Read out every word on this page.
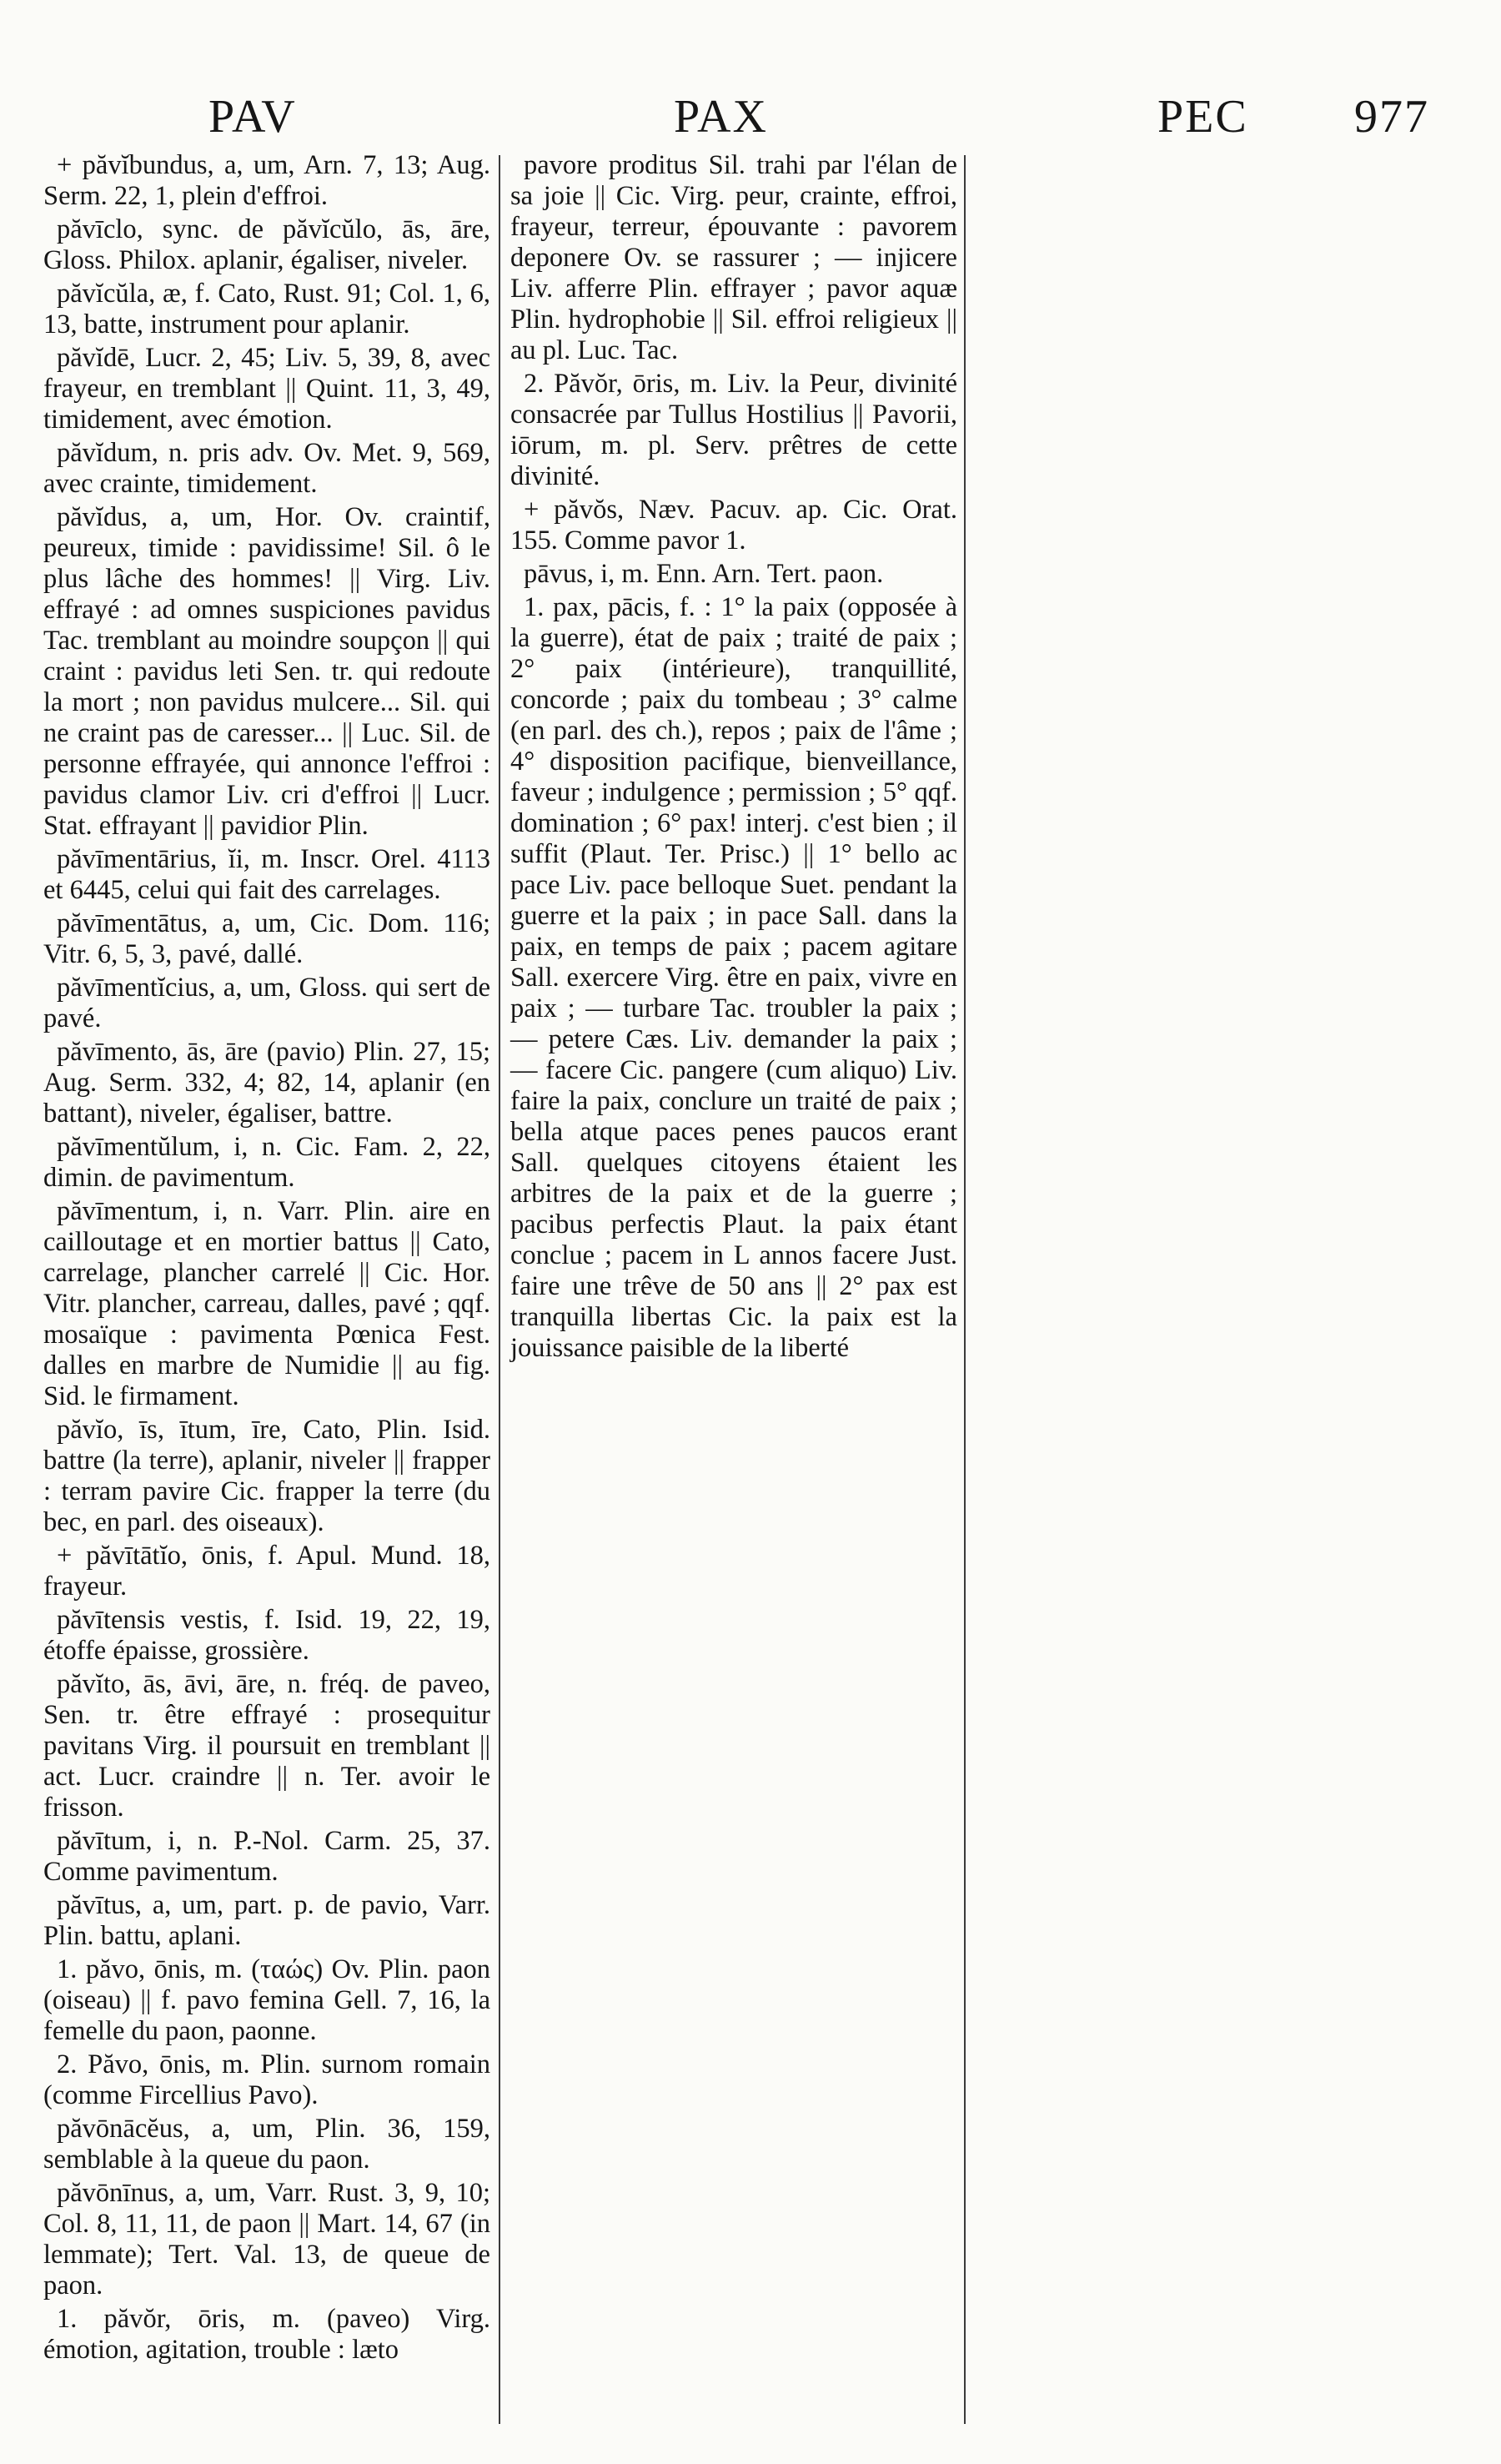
PAV	PAX	PEC 977

+ păvĭbundus, a, um, Arn. 7, 13; Aug. Serm. 22, 1, plein d'effroi.

păvīclo, sync. de păvĭcŭlo, ās, āre, Gloss. Philox. aplanir, égaliser, niveler.

păvĭcŭla, æ, f. Cato, Rust. 91; Col. 1, 6, 13, batte, instrument pour aplanir.

păvĭdē, Lucr. 2, 45; Liv. 5, 39, 8, avec frayeur, en tremblant || Quint. 11, 3, 49, timidement, avec émotion.

păvĭdum, n. pris adv. Ov. Met. 9, 569, avec crainte, timidement.

păvĭdus, a, um, Hor. Ov. craintif, peureux, timide : pavidissime! Sil. ô le plus lâche des hommes! || Virg. Liv. effrayé : ad omnes suspiciones pavidus Tac. tremblant au moindre soupçon || qui craint : pavidus leti Sen. tr. qui redoute la mort ; non pavidus mulcere... Sil. qui ne craint pas de caresser... || Luc. Sil. de personne effrayée, qui annonce l'effroi : pavidus clamor Liv. cri d'effroi || Lucr. Stat. effrayant || pavidior Plin.

păvīmentārius, ĭi, m. Inscr. Orel. 4113 et 6445, celui qui fait des carrelages.

păvīmentātus, a, um, Cic. Dom. 116; Vitr. 6, 5, 3, pavé, dallé.

păvīmentĭcius, a, um, Gloss. qui sert de pavé.

păvīmento, ās, āre (pavio) Plin. 27, 15; Aug. Serm. 332, 4; 82, 14, aplanir (en battant), niveler, égaliser, battre.

păvīmentŭlum, i, n. Cic. Fam. 2, 22, dimin. de pavimentum.

păvīmentum, i, n. Varr. Plin. aire en cailloutage et en mortier battus || Cato, carrelage, plancher carrelé || Cic. Hor. Vitr. plancher, carreau, dalles, pavé ; qqf. mosaïque : pavimenta Pœnica Fest. dalles en marbre de Numidie || au fig. Sid. le firmament.

păvĭo, īs, ītum, īre, Cato, Plin. Isid. battre (la terre), aplanir, niveler || frapper : terram pavire Cic. frapper la terre (du bec, en parl. des oiseaux).

+ păvītātĭo, ōnis, f. Apul. Mund. 18, frayeur.

păvītensis vestis, f. Isid. 19, 22, 19, étoffe épaisse, grossière.

păvĭto, ās, āvi, āre, n. fréq. de paveo, Sen. tr. être effrayé : prosequitur pavitans Virg. il poursuit en tremblant || act. Lucr. craindre || n. Ter. avoir le frisson.

păvītum, i, n. P.-Nol. Carm. 25, 37. Comme pavimentum.

păvītus, a, um, part. p. de pavio, Varr. Plin. battu, aplani.

1. păvo, ōnis, m. (ταώς) Ov. Plin. paon (oiseau) || f. pavo femina Gell. 7, 16, la femelle du paon, paonne.

2. Păvo, ōnis, m. Plin. surnom romain (comme Fircellius Pavo).

păvōnācĕus, a, um, Plin. 36, 159, semblable à la queue du paon.

păvōnīnus, a, um, Varr. Rust. 3, 9, 10; Col. 8, 11, 11, de paon || Mart. 14, 67 (in lemmate); Tert. Val. 13, de queue de paon.

1. păvŏr, ōris, m. (paveo) Virg. émotion, agitation, trouble : læto

pavore proditus Sil. trahi par l'élan de sa joie || Cic. Virg. peur, crainte, effroi, frayeur, terreur, épouvante : pavorem deponere Ov. se rassurer ; — injicere Liv. afferre Plin. effrayer ; pavor aquæ Plin. hydrophobie || Sil. effroi religieux || au pl. Luc. Tac.

2. Păvŏr, ōris, m. Liv. la Peur, divinité consacrée par Tullus Hostilius || Pavorii, iōrum, m. pl. Serv. prêtres de cette divinité.

+ păvŏs, Næv. Pacuv. ap. Cic. Orat. 155. Comme pavor 1.

pāvus, i, m. Enn. Arn. Tert. paon.

1. pax, pācis, f. : 1° la paix (opposée à la guerre), état de paix ; traité de paix ; 2° paix (intérieure), tranquillité, concorde ; paix du tombeau ; 3° calme (en parl. des ch.), repos ; paix de l'âme ; 4° disposition pacifique, bienveillance, faveur ; indulgence ; permission ; 5° qqf. domination ; 6° pax! interj. c'est bien ; il suffit (Plaut. Ter. Prisc.) || 1° bello ac pace Liv. pace belloque Suet. pendant la guerre et la paix ; in pace Sall. dans la paix, en temps de paix ; pacem agitare Sall. exercere Virg. être en paix, vivre en paix ; — turbare Tac. troubler la paix ; — petere Cæs. Liv. demander la paix ; — facere Cic. pangere (cum aliquo) Liv. faire la paix, conclure un traité de paix ; bella atque paces penes paucos erant Sall. quelques citoyens étaient les arbitres de la paix et de la guerre ; pacibus perfectis Plaut. la paix étant conclue ; pacem in L annos facere Just. faire une trêve de 50 ans || 2° pax est tranquilla libertas Cic. la paix est la jouissance paisible de la liberté
